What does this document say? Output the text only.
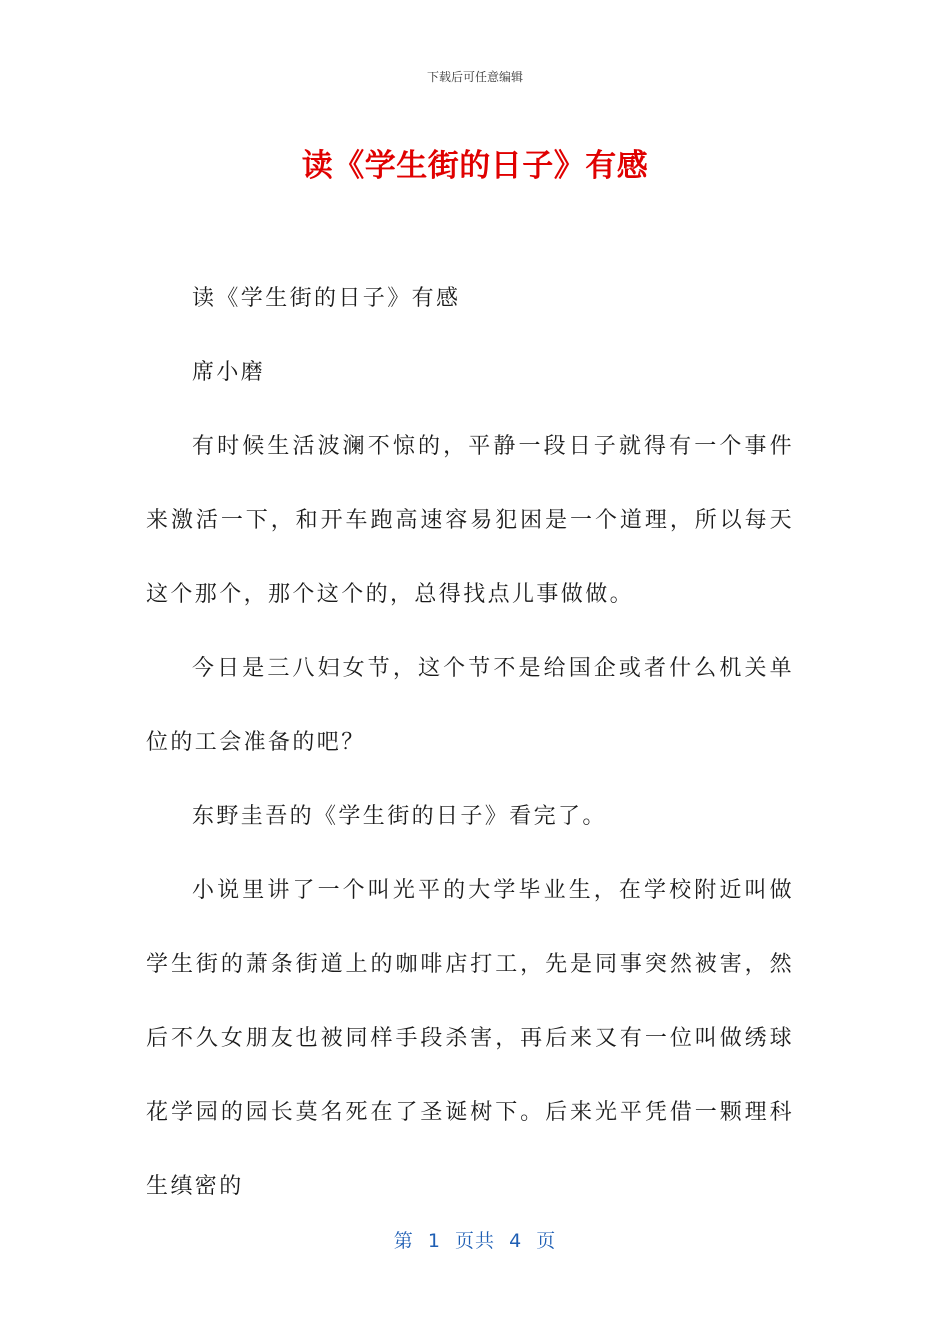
下载后可任意编辑
读《学生街的日子》有感

读《学生街的日子》有感

席小磨

有时候生活波澜不惊的，平静一段日子就得有一个事件来激活一下，和开车跑高速容易犯困是一个道理，所以每天这个那个，那个这个的，总得找点儿事做做。

今日是三八妇女节，这个节不是给国企或者什么机关单位的工会准备的吧？

东野圭吾的《学生街的日子》看完了。

小说里讲了一个叫光平的大学毕业生，在学校附近叫做学生街的萧条街道上的咖啡店打工，先是同事突然被害，然后不久女朋友也被同样手段杀害，再后来又有一位叫做绣球花学园的园长莫名死在了圣诞树下。后来光平凭借一颗理科生缜密的

第  1  页共  4  页
